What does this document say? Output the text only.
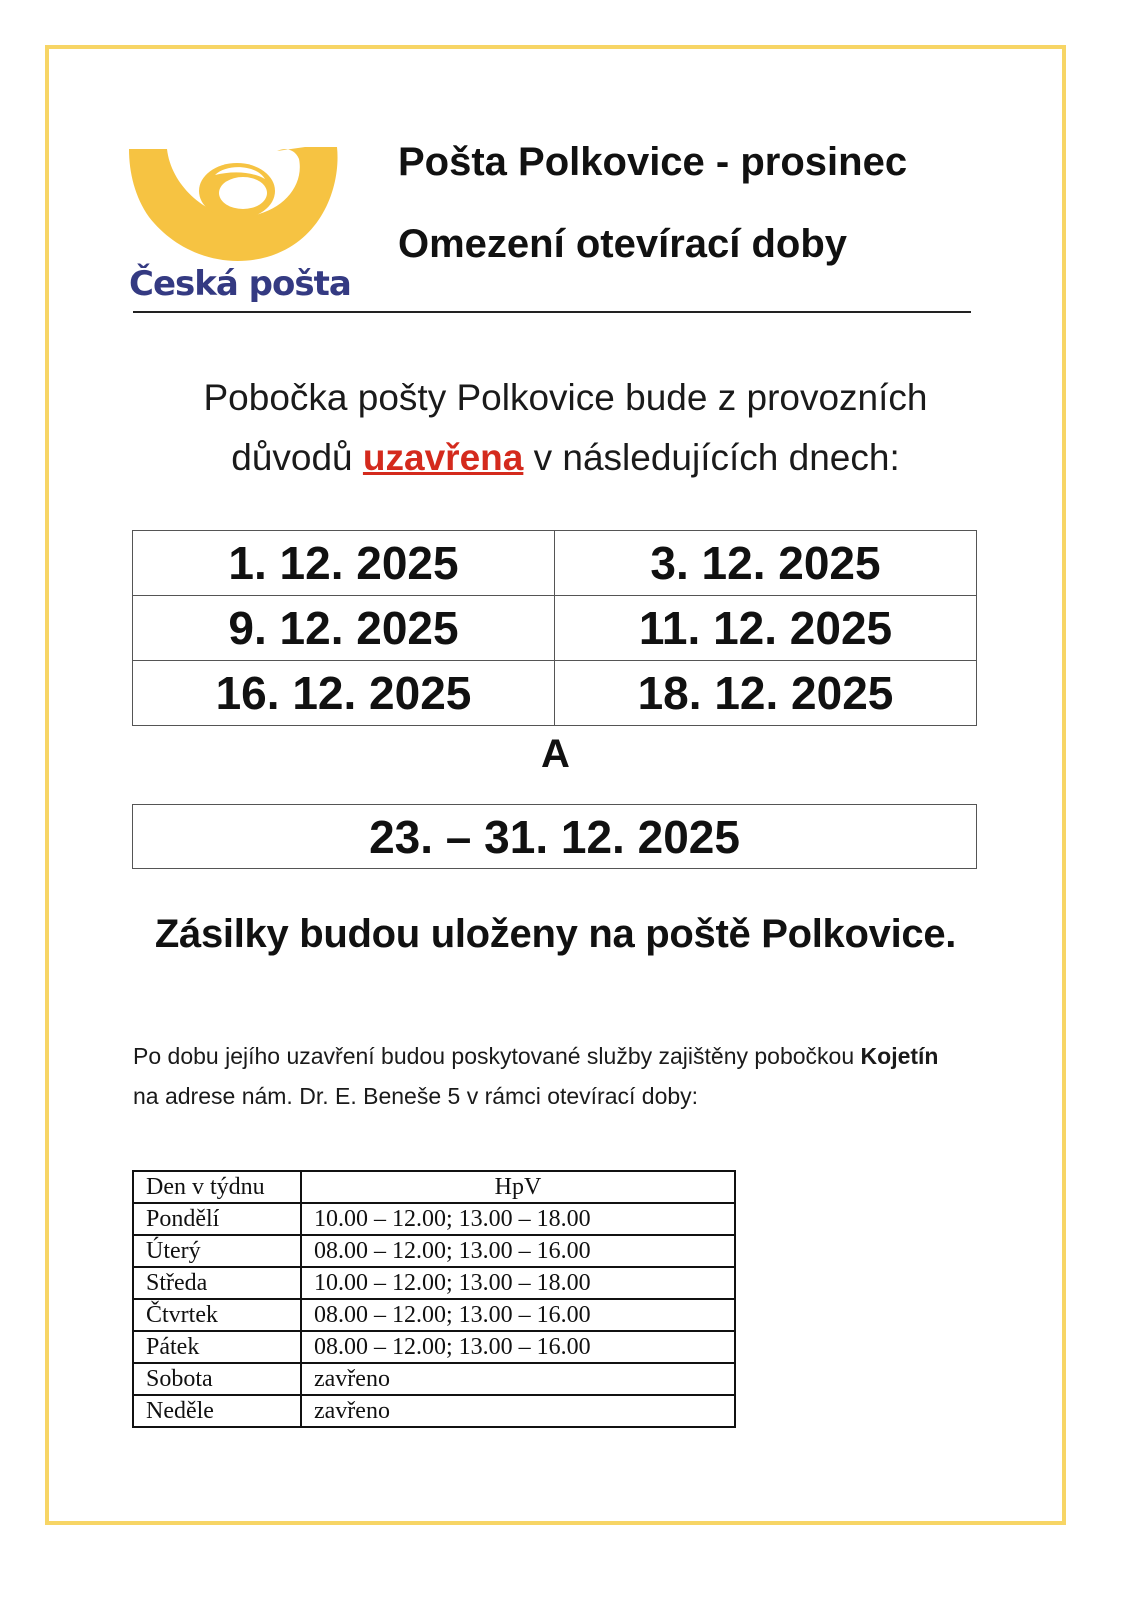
Česká pošta
Pošta Polkovice - prosinec
Omezení otevírací doby
Pobočka pošty Polkovice bude z provozních
důvodů uzavřena v následujících dnech:
1. 12. 2025	3. 12. 2025
9. 12. 2025	11. 12. 2025
16. 12. 2025	18. 12. 2025
A
23. – 31. 12. 2025
Zásilky budou uloženy na poště Polkovice.
Po dobu jejího uzavření budou poskytované služby zajištěny pobočkou Kojetín na adrese nám. Dr. E. Beneše 5 v rámci otevírací doby:
Den v týdnu	HpV
Pondělí	10.00 – 12.00; 13.00 – 18.00
Úterý	08.00 – 12.00; 13.00 – 16.00
Středa	10.00 – 12.00; 13.00 – 18.00
Čtvrtek	08.00 – 12.00; 13.00 – 16.00
Pátek	08.00 – 12.00; 13.00 – 16.00
Sobota	zavřeno
Neděle	zavřeno
